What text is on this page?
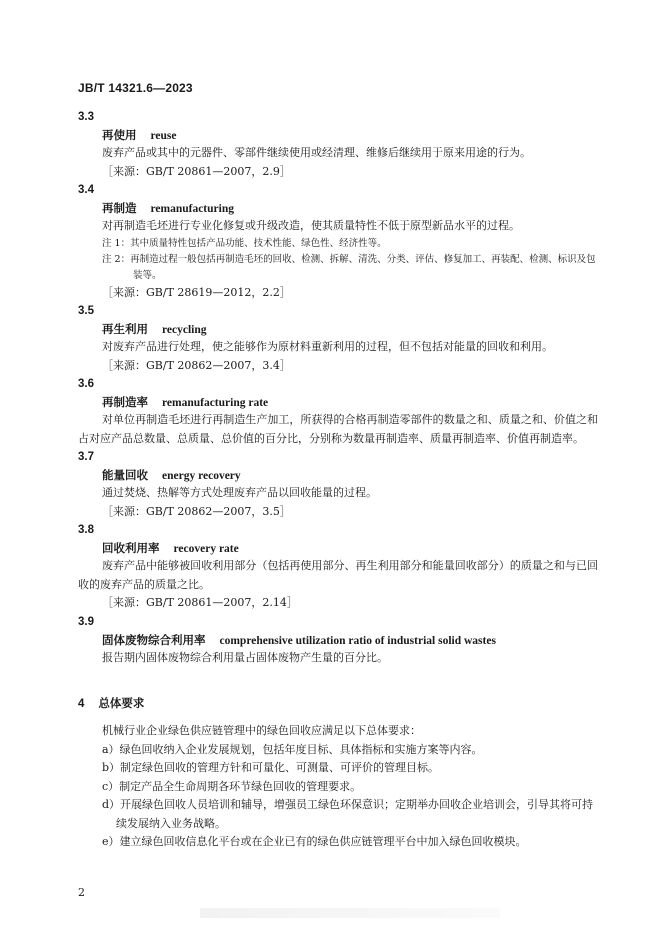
JB/T 14321.6—2023
3.3
再使用 reuse
废弃产品或其中的元器件、零部件继续使用或经清理、维修后继续用于原来用途的行为。
［来源：GB/T 20861—2007，2.9］
3.4
再制造 remanufacturing
对再制造毛坯进行专业化修复或升级改造，使其质量特性不低于原型新品水平的过程。
注 1：其中质量特性包括产品功能、技术性能、绿色性、经济性等。
注 2：再制造过程一般包括再制造毛坯的回收、检测、拆解、清洗、分类、评估、修复加工、再装配、检测、标识及包装等。
［来源：GB/T 28619—2012，2.2］
3.5
再生利用 recycling
对废弃产品进行处理，使之能够作为原材料重新利用的过程，但不包括对能量的回收和利用。
［来源：GB/T 20862—2007，3.4］
3.6
再制造率 remanufacturing rate
对单位再制造毛坯进行再制造生产加工，所获得的合格再制造零部件的数量之和、质量之和、价值之和占对应产品总数量、总质量、总价值的百分比，分别称为数量再制造率、质量再制造率、价值再制造率。
3.7
能量回收 energy recovery
通过焚烧、热解等方式处理废弃产品以回收能量的过程。
［来源：GB/T 20862—2007，3.5］
3.8
回收利用率 recovery rate
废弃产品中能够被回收利用部分（包括再使用部分、再生利用部分和能量回收部分）的质量之和与已回收的废弃产品的质量之比。
［来源：GB/T 20861—2007，2.14］
3.9
固体废物综合利用率 comprehensive utilization ratio of industrial solid wastes
报告期内固体废物综合利用量占固体废物产生量的百分比。
4 总体要求
机械行业企业绿色供应链管理中的绿色回收应满足以下总体要求：
a）绿色回收纳入企业发展规划，包括年度目标、具体指标和实施方案等内容。
b）制定绿色回收的管理方针和可量化、可测量、可评价的管理目标。
c）制定产品全生命周期各环节绿色回收的管理要求。
d）开展绿色回收人员培训和辅导，增强员工绿色环保意识；定期举办回收企业培训会，引导其将可持续发展纳入业务战略。
e）建立绿色回收信息化平台或在企业已有的绿色供应链管理平台中加入绿色回收模块。
2
